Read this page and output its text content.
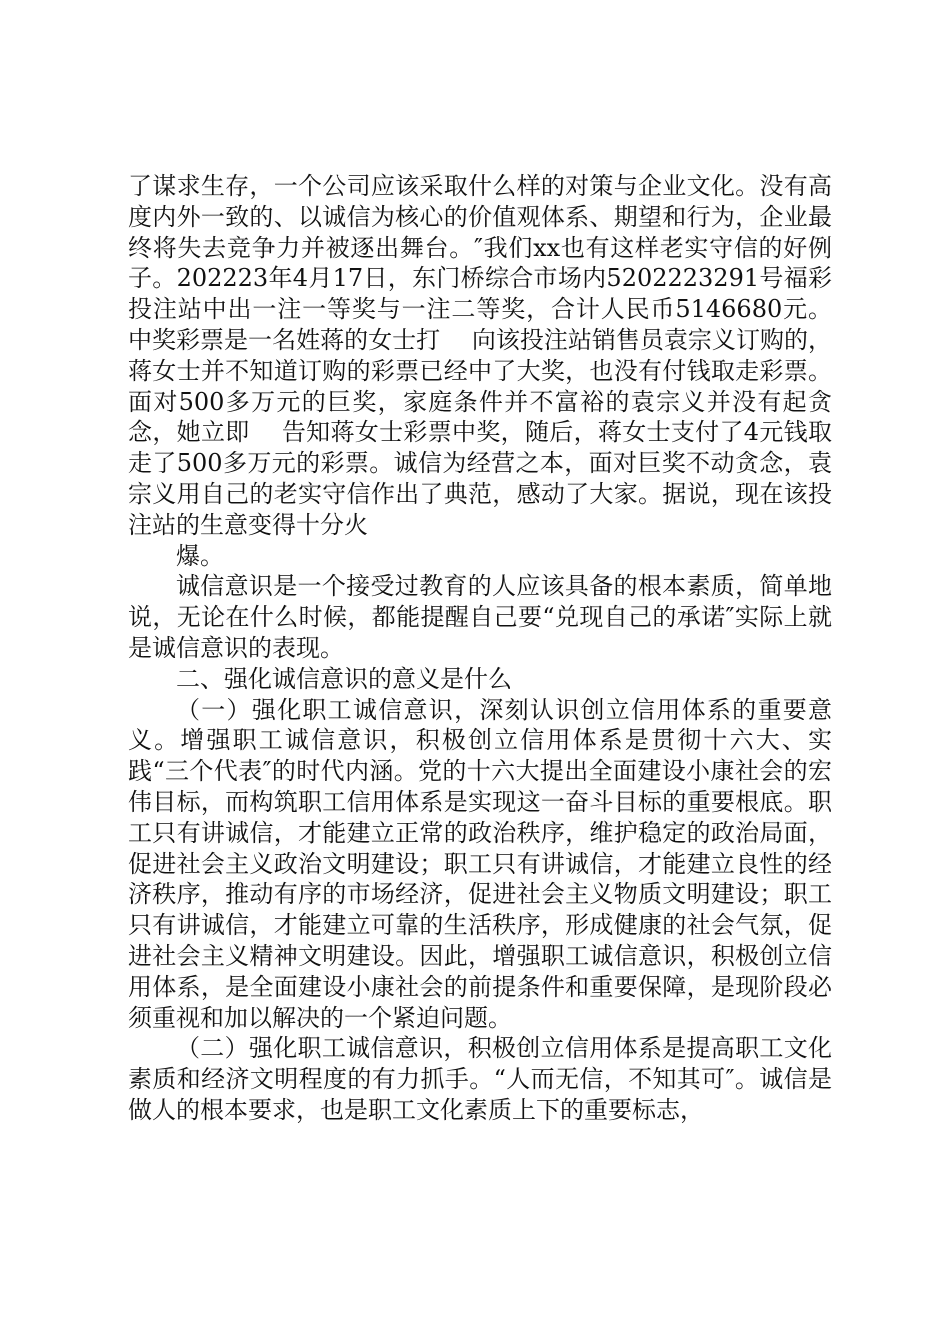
了谋求生存，一个公司应该采取什么样的对策与企业文化。没有高度内外一致的、以诚信为核心的价值观体系、期望和行为，企业最终将失去竞争力并被逐出舞台。″我们xx也有这样老实守信的好例子。202223年4月17日，东门桥综合市场内5202223291号福彩投注站中出一注一等奖与一注二等奖，合计人民币5146680元。中奖彩票是一名姓蒋的女士打　 向该投注站销售员袁宗义订购的，蒋女士并不知道订购的彩票已经中了大奖，也没有付钱取走彩票。面对500多万元的巨奖，家庭条件并不富裕的袁宗义并没有起贪念，她立即　 告知蒋女士彩票中奖，随后，蒋女士支付了4元钱取走了500多万元的彩票。诚信为经营之本，面对巨奖不动贪念，袁宗义用自己的老实守信作出了典范，感动了大家。据说，现在该投注站的生意变得十分火

爆。

诚信意识是一个接受过教育的人应该具备的根本素质，简单地说，无论在什么时候，都能提醒自己要“兑现自己的承诺″实际上就是诚信意识的表现。

二、强化诚信意识的意义是什么

（一）强化职工诚信意识，深刻认识创立信用体系的重要意义。增强职工诚信意识，积极创立信用体系是贯彻十六大、实践“三个代表″的时代内涵。党的十六大提出全面建设小康社会的宏伟目标，而构筑职工信用体系是实现这一奋斗目标的重要根底。职工只有讲诚信，才能建立正常的政治秩序，维护稳定的政治局面，促进社会主义政治文明建设；职工只有讲诚信，才能建立良性的经济秩序，推动有序的市场经济，促进社会主义物质文明建设；职工只有讲诚信，才能建立可靠的生活秩序，形成健康的社会气氛，促进社会主义精神文明建设。因此，增强职工诚信意识，积极创立信用体系，是全面建设小康社会的前提条件和重要保障，是现阶段必须重视和加以解决的一个紧迫问题。

（二）强化职工诚信意识，积极创立信用体系是提高职工文化素质和经济文明程度的有力抓手。“人而无信，不知其可″。诚信是做人的根本要求，也是职工文化素质上下的重要标志，
